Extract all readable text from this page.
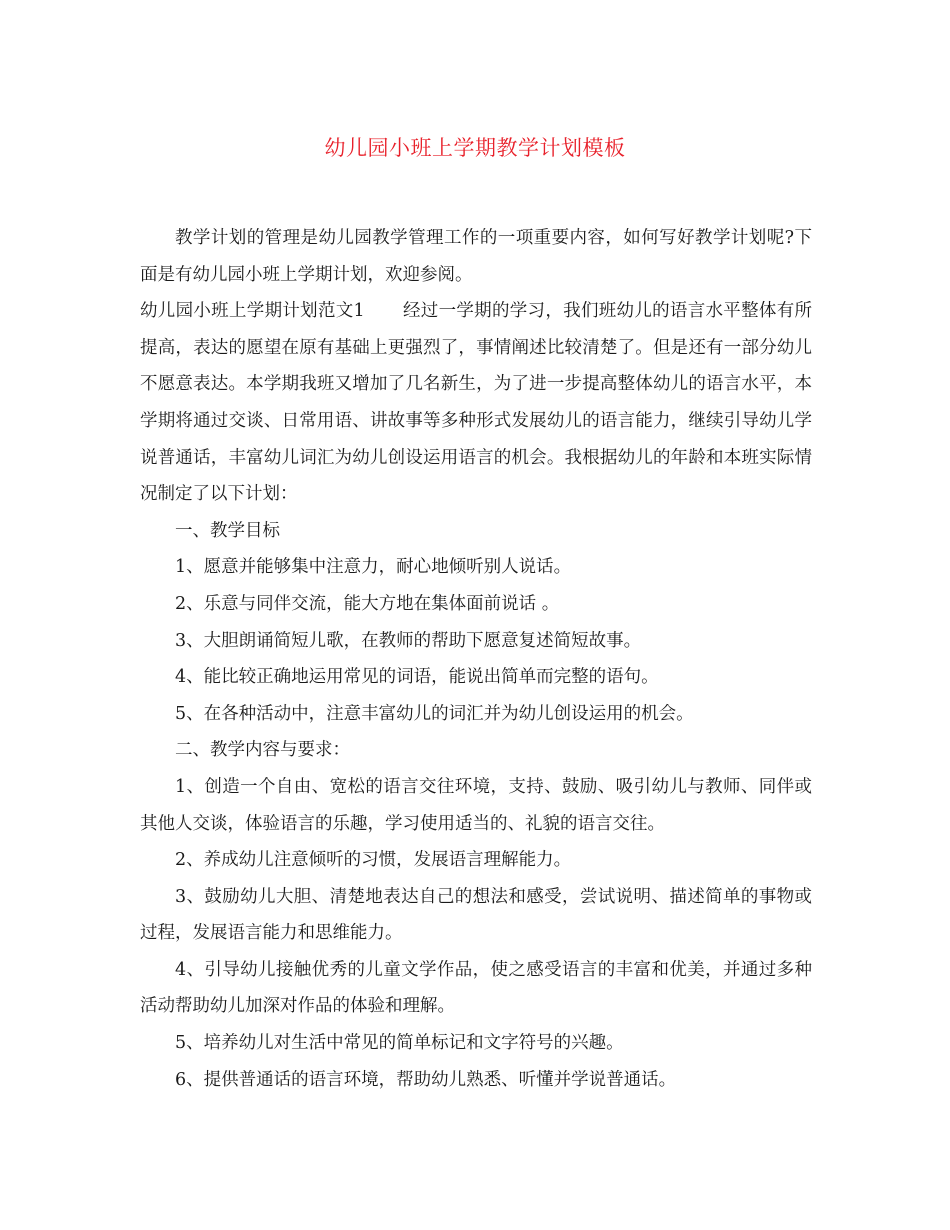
幼儿园小班上学期教学计划模板

教学计划的管理是幼儿园教学管理工作的一项重要内容，如何写好教学计划呢?下面是有幼儿园小班上学期计划，欢迎参阅。

幼儿园小班上学期计划范文1 经过一学期的学习，我们班幼儿的语言水平整体有所提高，表达的愿望在原有基础上更强烈了，事情阐述比较清楚了。但是还有一部分幼儿不愿意表达。本学期我班又增加了几名新生，为了进一步提高整体幼儿的语言水平，本学期将通过交谈、日常用语、讲故事等多种形式发展幼儿的语言能力，继续引导幼儿学说普通话，丰富幼儿词汇为幼儿创设运用语言的机会。我根据幼儿的年龄和本班实际情况制定了以下计划：

一、教学目标

1、愿意并能够集中注意力，耐心地倾听别人说话。

2、乐意与同伴交流，能大方地在集体面前说话 。

3、大胆朗诵简短儿歌，在教师的帮助下愿意复述简短故事。

4、能比较正确地运用常见的词语，能说出简单而完整的语句。

5、在各种活动中，注意丰富幼儿的词汇并为幼儿创设运用的机会。

二、教学内容与要求：

1、创造一个自由、宽松的语言交往环境，支持、鼓励、吸引幼儿与教师、同伴或其他人交谈，体验语言的乐趣，学习使用适当的、礼貌的语言交往。

2、养成幼儿注意倾听的习惯，发展语言理解能力。

3、鼓励幼儿大胆、清楚地表达自己的想法和感受，尝试说明、描述简单的事物或过程，发展语言能力和思维能力。

4、引导幼儿接触优秀的儿童文学作品，使之感受语言的丰富和优美，并通过多种活动帮助幼儿加深对作品的体验和理解。

5、培养幼儿对生活中常见的简单标记和文字符号的兴趣。

6、提供普通话的语言环境，帮助幼儿熟悉、听懂并学说普通话。
